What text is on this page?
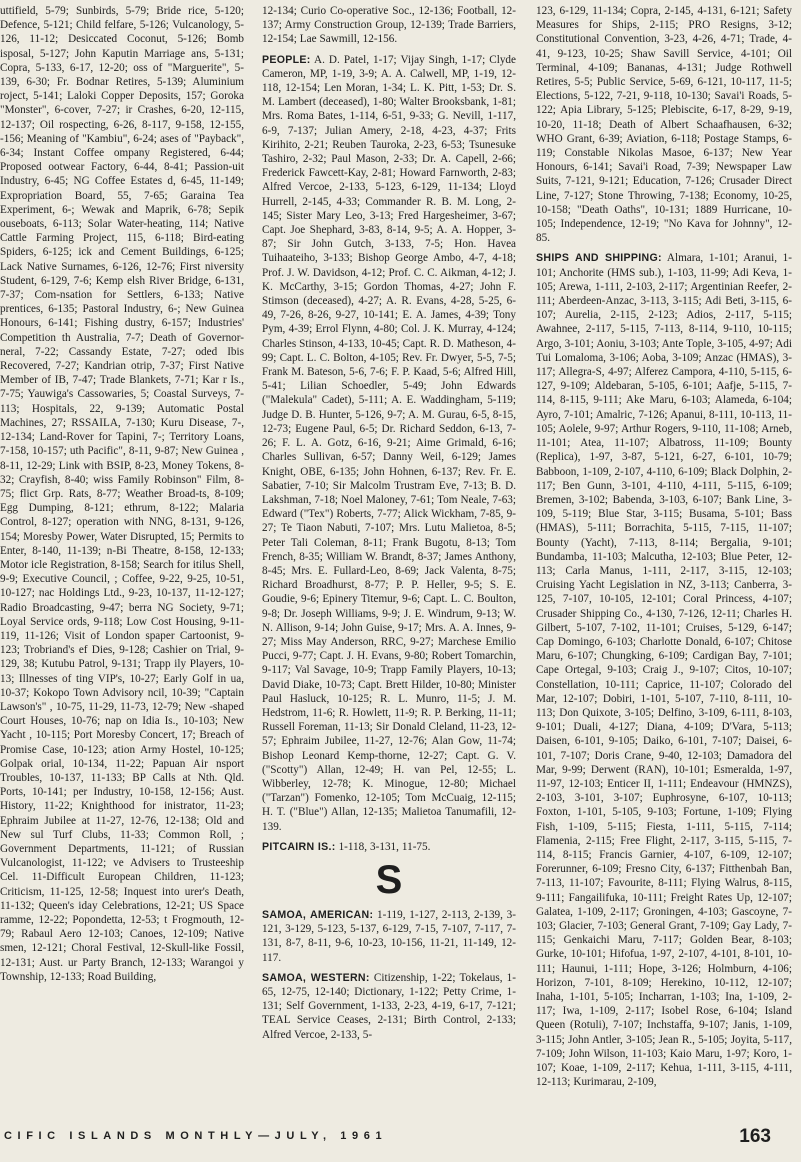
uttifield, 5-79; Sunbirds, 5-79; Bride rice, 5-120; Defence, 5-121; Child felfare, 5-126; Vulcanology, 5-126, 11-12; Desiccated Coconut, 5-126; Bomb isposal, 5-127; John Kaputin Marriage ans, 5-131; Copra, 5-133, 6-17, 12-20; oss of "Marguerite", 5-139, 6-30; Fr. Bodnar Retires, 5-139; Aluminium roject, 5-141; Laloki Copper Deposits, 157; Goroka "Monster", 6-cover, 7-27; ir Crashes, 6-20, 12-115, 12-137; Oil rospecting, 6-26, 8-117, 9-158, 12-155, -156; Meaning of "Kambiu", 6-24; ases of "Payback", 6-34; Instant Coffee ompany Registered, 6-44; Proposed ootwear Factory, 6-44, 8-41; Passion-uit Industry, 6-45; NG Coffee Estates d, 6-45, 11-149; Expropriation Board, 55, 7-65; Garaina Tea Experiment, 6-; Wewak and Maprik, 6-78; Sepik ouseboats, 6-113; Solar Water-heating, 114; Native Cattle Farming Project, 115, 6-118; Bird-eating Spiders, 6-125; ick and Cement Buildings, 6-125; Lack Native Surnames, 6-126, 12-76; First niversity Student, 6-129, 7-6; Kemp elsh River Bridge, 6-131, 7-37; Com-nsation for Settlers, 6-133; Native prentices, 6-135; Pastoral Industry, 6-; New Guinea Honours, 6-141; Fishing dustry, 6-157; Industries' Competition th Australia, 7-7; Death of Governor-neral, 7-22; Cassandy Estate, 7-27; oded Ibis Recovered, 7-27; Kandrian otrip, 7-37; First Native Member of IB, 7-47; Trade Blankets, 7-71; Kar r Is., 7-75; Yauwiga's Cassowaries, 5; Coastal Surveys, 7-113; Hospitals, 22, 9-139; Automatic Postal Machines, 27; RSSAILA, 7-130; Kuru Disease, 7-, 12-134; Land-Rover for Tapini, 7-; Territory Loans, 7-158, 10-157; uth Pacific", 8-11, 9-87; New Guinea , 8-11, 12-29; Link with BSIP, 8-23, Money Tokens, 8-32; Crayfish, 8-40; wiss Family Robinson" Film, 8-75; flict Grp. Rats, 8-77; Weather Broad-ts, 8-109; Egg Dumping, 8-121; ethrum, 8-122; Malaria Control, 8-127; operation with NNG, 8-131, 9-126, 154; Moresby Power, Water Disrupted, 15; Permits to Enter, 8-140, 11-139; n-Bi Theatre, 8-158, 12-133; Motor icle Registration, 8-158; Search for itilus Shell, 9-9; Executive Council, ; Coffee, 9-22, 9-25, 10-51, 10-127; nac Holdings Ltd., 9-23, 10-137, 11-12-127; Radio Broadcasting, 9-47; berra NG Society, 9-71; Loyal Service ords, 9-118; Low Cost Housing, 9-11-119, 11-126; Visit of London spaper Cartoonist, 9-123; Trobriand's ef Dies, 9-128; Cashier on Trial, 9-129, 38; Kutubu Patrol, 9-131; Trapp ily Players, 10-13; Illnesses of ting VIP's, 10-27; Early Golf in ua, 10-37; Kokopo Town Advisory ncil, 10-39; "Captain Lawson's" , 10-75, 11-29, 11-73, 12-79; New -shaped Court Houses, 10-76; nap on Idia Is., 10-103; New Yacht , 10-115; Port Moresby Concert, 17; Breach of Promise Case, 10-123; ation Army Hostel, 10-125; Golpak orial, 10-134, 11-22; Papuan Air nsport Troubles, 10-137, 11-133; BP Calls at Nth. Qld. Ports, 10-141; per Industry, 10-158, 12-156; Aust. History, 11-22; Knighthood for inistrator, 11-23; Ephraim Jubilee at 11-27, 12-76, 12-138; Old and New sul Turf Clubs, 11-33; Common Roll, ; Government Departments, 11-121; of Russian Vulcanologist, 11-122; ve Advisers to Trusteeship Cel. 11-Difficult European Children, 11-123; Criticism, 11-125, 12-58; Inquest into urer's Death, 11-132; Queen's iday Celebrations, 12-21; US Space ramme, 12-22; Popondetta, 12-53; t Frogmouth, 12-79; Rabaul Aero 12-103; Canoes, 12-109; Native smen, 12-121; Choral Festival, 12-Skull-like Fossil, 12-131; Aust. ur Party Branch, 12-133; Warangoi y Township, 12-133; Road Building,

12-134; Curio Co-operative Soc., 12-136; Football, 12-137; Army Construction Group, 12-139; Trade Barriers, 12-154; Lae Sawmill, 12-156.

PEOPLE: A. D. Patel, 1-17; Vijay Singh, 1-17; Clyde Cameron, MP, 1-19, 3-9; A. A. Calwell, MP, 1-19, 12-118, 12-154; Len Moran, 1-34; L. K. Pitt, 1-53; Dr. S. M. Lambert (deceased), 1-80; Walter Brooksbank, 1-81; Mrs. Roma Bates, 1-114, 6-51, 9-33; G. Nevill, 1-117, 6-9, 7-137; Julian Amery, 2-18, 4-23, 4-37; Frits Kirihito, 2-21; Reuben Tauroka, 2-23, 6-53; Tsunesuke Tashiro, 2-32; Paul Mason, 2-33; Dr. A. Capell, 2-66; Frederick Fawcett-Kay, 2-81; Howard Farnworth, 2-83; Alfred Vercoe, 2-133, 5-123, 6-129, 11-134; Lloyd Hurrell, 2-145, 4-33; Commander R. B. M. Long, 2-145; Sister Mary Leo, 3-13; Fred Hargesheimer, 3-67; Capt. Joe Shephard, 3-83, 8-14, 9-5; A. A. Hopper, 3-87; Sir John Gutch, 3-133, 7-5; Hon. Havea Tuihaateiho, 3-133; Bishop George Ambo, 4-7, 4-18; Prof. J. W. Davidson, 4-12; Prof. C. C. Aikman, 4-12; J. K. McCarthy, 3-15; Gordon Thomas, 4-27; John F. Stimson (deceased), 4-27; A. R. Evans, 4-28, 5-25, 6-49, 7-26, 8-26, 9-27, 10-141; E. A. James, 4-39; Tony Pym, 4-39; Errol Flynn, 4-80; Col. J. K. Murray, 4-124; Charles Stinson, 4-133, 10-45; Capt. R. D. Matheson, 4-99; Capt. L. C. Bolton, 4-105; Rev. Fr. Dwyer, 5-5, 7-5; Frank M. Bateson, 5-6, 7-6; F. P. Kaad, 5-6; Alfred Hill, 5-41; Lilian Schoedler, 5-49; John Edwards ("Malekula" Cadet), 5-111; A. E. Waddingham, 5-119; Judge D. B. Hunter, 5-126, 9-7; A. M. Gurau, 6-5, 8-15, 12-73; Eugene Paul, 6-5; Dr. Richard Seddon, 6-13, 7-26; F. L. A. Gotz, 6-16, 9-21; Aime Grimald, 6-16; Charles Sullivan, 6-57; Danny Weil, 6-129; James Knight, OBE, 6-135; John Hohnen, 6-137; Rev. Fr. E. Sabatier, 7-10; Sir Malcolm Trustram Eve, 7-13; B. D. Lakshman, 7-18; Noel Maloney, 7-61; Tom Neale, 7-63; Edward ("Tex") Roberts, 7-77; Alick Wickham, 7-85, 9-27; Te Tiaon Nabuti, 7-107; Mrs. Lutu Malietoa, 8-5; Peter Tali Coleman, 8-11; Frank Bugotu, 8-13; Tom French, 8-35; William W. Brandt, 8-37; James Anthony, 8-45; Mrs. E. Fullard-Leo, 8-69; Jack Valenta, 8-75; Richard Broadhurst, 8-77; P. P. Heller, 9-5; S. E. Goudie, 9-6; Epinery Titemur, 9-6; Capt. L. C. Boulton, 9-8; Dr. Joseph Williams, 9-9; J. E. Windrum, 9-13; W. N. Allison, 9-14; John Guise, 9-17; Mrs. A. A. Innes, 9-27; Miss May Anderson, RRC, 9-27; Marchese Emilio Pucci, 9-77; Capt. J. H. Evans, 9-80; Robert Tomarchin, 9-117; Val Savage, 10-9; Trapp Family Players, 10-13; David Diake, 10-73; Capt. Brett Hilder, 10-80; Minister Paul Hasluck, 10-125; R. L. Munro, 11-5; J. M. Hedstrom, 11-6; R. Howlett, 11-9; R. P. Berking, 11-11; Russell Foreman, 11-13; Sir Donald Cleland, 11-23, 12-57; Ephraim Jubilee, 11-27, 12-76; Alan Gow, 11-74; Bishop Leonard Kemp-thorne, 12-27; Capt. G. V. ("Scotty") Allan, 12-49; H. van Pel, 12-55; L. Wibberley, 12-78; K. Minogue, 12-80; Michael ("Tarzan") Fomenko, 12-105; Tom McCuaig, 12-115; H. T. ("Blue") Allan, 12-135; Malietoa Tanumafili, 12-139.

PITCAIRN IS.: 1-118, 3-131, 11-75.

S

SAMOA, AMERICAN: 1-119, 1-127, 2-113, 2-139, 3-121, 3-129, 5-123, 5-137, 6-129, 7-15, 7-107, 7-117, 7-131, 8-7, 8-11, 9-6, 10-23, 10-156, 11-21, 11-149, 12-117.

SAMOA, WESTERN: Citizenship, 1-22; Tokelaus, 1-65, 12-75, 12-140; Dictionary, 1-122; Petty Crime, 1-131; Self Government, 1-133, 2-23, 4-19, 6-17, 7-121; TEAL Service Ceases, 2-131; Birth Control, 2-133; Alfred Vercoe, 2-133, 5-

123, 6-129, 11-134; Copra, 2-145, 4-131, 6-121; Safety Measures for Ships, 2-115; PRO Resigns, 3-12; Constitutional Convention, 3-23, 4-26, 4-71; Trade, 4-41, 9-123, 10-25; Shaw Savill Service, 4-101; Oil Terminal, 4-109; Bananas, 4-131; Judge Rothwell Retires, 5-5; Public Service, 5-69, 6-121, 10-117, 11-5; Elections, 5-122, 7-21, 9-118, 10-130; Savai'i Roads, 5-122; Apia Library, 5-125; Plebiscite, 6-17, 8-29, 9-19, 10-20, 11-18; Death of Albert Schaafhausen, 6-32; WHO Grant, 6-39; Aviation, 6-118; Postage Stamps, 6-119; Constable Nikolas Masoe, 6-137; New Year Honours, 6-141; Savai'i Road, 7-39; Newspaper Law Suits, 7-121, 9-121; Education, 7-126; Crusader Direct Line, 7-127; Stone Throwing, 7-138; Economy, 10-25, 10-158; "Death Oaths", 10-131; 1889 Hurricane, 10-105; Independence, 12-19; "No Kava for Johnny", 12-85.

SHIPS AND SHIPPING: Almara, 1-101; Aranui, 1-101; Anchorite (HMS sub.), 1-103, 11-99; Adi Keva, 1-105; Arewa, 1-111, 2-103, 2-117; Argentinian Reefer, 2-111; Aberdeen-Anzac, 3-113, 3-115; Adi Beti, 3-115, 6-107; Aurelia, 2-115, 2-123; Adios, 2-117, 5-115; Awahnee, 2-117, 5-115, 7-113, 8-114, 9-110, 10-115; Argo, 3-101; Aoniu, 3-103; Ante Tople, 3-105, 4-97; Adi Tui Lomaloma, 3-106; Aoba, 3-109; Anzac (HMAS), 3-117; Allegra-S, 4-97; Alferez Campora, 4-110, 5-115, 6-127, 9-109; Aldebaran, 5-105, 6-101; Aafje, 5-115, 7-114, 8-115, 9-111; Ake Maru, 6-103; Alameda, 6-104; Ayro, 7-101; Amalric, 7-126; Apanui, 8-111, 10-113, 11-105; Aolele, 9-97; Arthur Rogers, 9-110, 11-108; Arneb, 11-101; Atea, 11-107; Albatross, 11-109; Bounty (Replica), 1-97, 3-87, 5-121, 6-27, 6-101, 10-79; Babboon, 1-109, 2-107, 4-110, 6-109; Black Dolphin, 2-117; Ben Gunn, 3-101, 4-110, 4-111, 5-115, 6-109; Bremen, 3-102; Babenda, 3-103, 6-107; Bank Line, 3-109, 5-119; Blue Star, 3-115; Busama, 5-101; Bass (HMAS), 5-111; Borrachita, 5-115, 7-115, 11-107; Bounty (Yacht), 7-113, 8-114; Bergalia, 9-101; Bundamba, 11-103; Malcutha, 12-103; Blue Peter, 12-113; Carla Manus, 1-111, 2-117, 3-115, 12-103; Cruising Yacht Legislation in NZ, 3-113; Canberra, 3-125, 7-107, 10-105, 12-101; Coral Princess, 4-107; Crusader Shipping Co., 4-130, 7-126, 12-11; Charles H. Gilbert, 5-107, 7-102, 11-101; Cruises, 5-129, 6-147; Cap Domingo, 6-103; Charlotte Donald, 6-107; Chitose Maru, 6-107; Chungking, 6-109; Cardigan Bay, 7-101; Cape Ortegal, 9-103; Craig J., 9-107; Citos, 10-107; Constellation, 10-111; Caprice, 11-107; Colorado del Mar, 12-107; Dobiri, 1-101, 5-107, 7-110, 8-111, 10-113; Don Quixote, 3-105; Delfino, 3-109, 6-111, 8-103, 9-101; Duali, 4-127; Diana, 4-109; D'Vara, 5-113; Daisen, 6-101, 9-105; Daiko, 6-101, 7-107; Daisei, 6-101, 7-107; Doris Crane, 9-40, 12-103; Damadora del Mar, 9-99; Derwent (RAN), 10-101; Esmeralda, 1-97, 11-97, 12-103; Enticer II, 1-111; Endeavour (HMNZS), 2-103, 3-101, 3-107; Euphrosyne, 6-107, 10-113; Foxton, 1-101, 5-105, 9-103; Fortune, 1-109; Flying Fish, 1-109, 5-115; Fiesta, 1-111, 5-115, 7-114; Flamenia, 2-115; Free Flight, 2-117, 3-115, 5-115, 7-114, 8-115; Francis Garnier, 4-107, 6-109, 12-107; Forerunner, 6-109; Fresno City, 6-137; Fitthenbah Ban, 7-113, 11-107; Favourite, 8-111; Flying Walrus, 8-115, 9-111; Fangailifuka, 10-111; Freight Rates Up, 12-107; Galatea, 1-109, 2-117; Groningen, 4-103; Gascoyne, 7-103; Glacier, 7-103; General Grant, 7-109; Gay Lady, 7-115; Genkaichi Maru, 7-117; Golden Bear, 8-103; Gurke, 10-101; Hifofua, 1-97, 2-107, 4-101, 8-101, 10-111; Haunui, 1-111; Hope, 3-126; Holmburn, 4-106; Horizon, 7-101, 8-109; Herekino, 10-112, 12-107; Inaha, 1-101, 5-105; Incharran, 1-103; Ina, 1-109, 2-117; Iwa, 1-109, 2-117; Isobel Rose, 6-104; Island Queen (Rotuli), 7-107; Inchstaffa, 9-107; Janis, 1-109, 3-115; John Antler, 3-105; Jean R., 5-105; Joyita, 5-117, 7-109; John Wilson, 11-103; Kaio Maru, 1-97; Koro, 1-107; Koae, 1-109, 2-117; Kehua, 1-111, 3-115, 4-111, 12-113; Kurimarau, 2-109,

CIFIC ISLANDS MONTHLY—JULY, 1961	163
